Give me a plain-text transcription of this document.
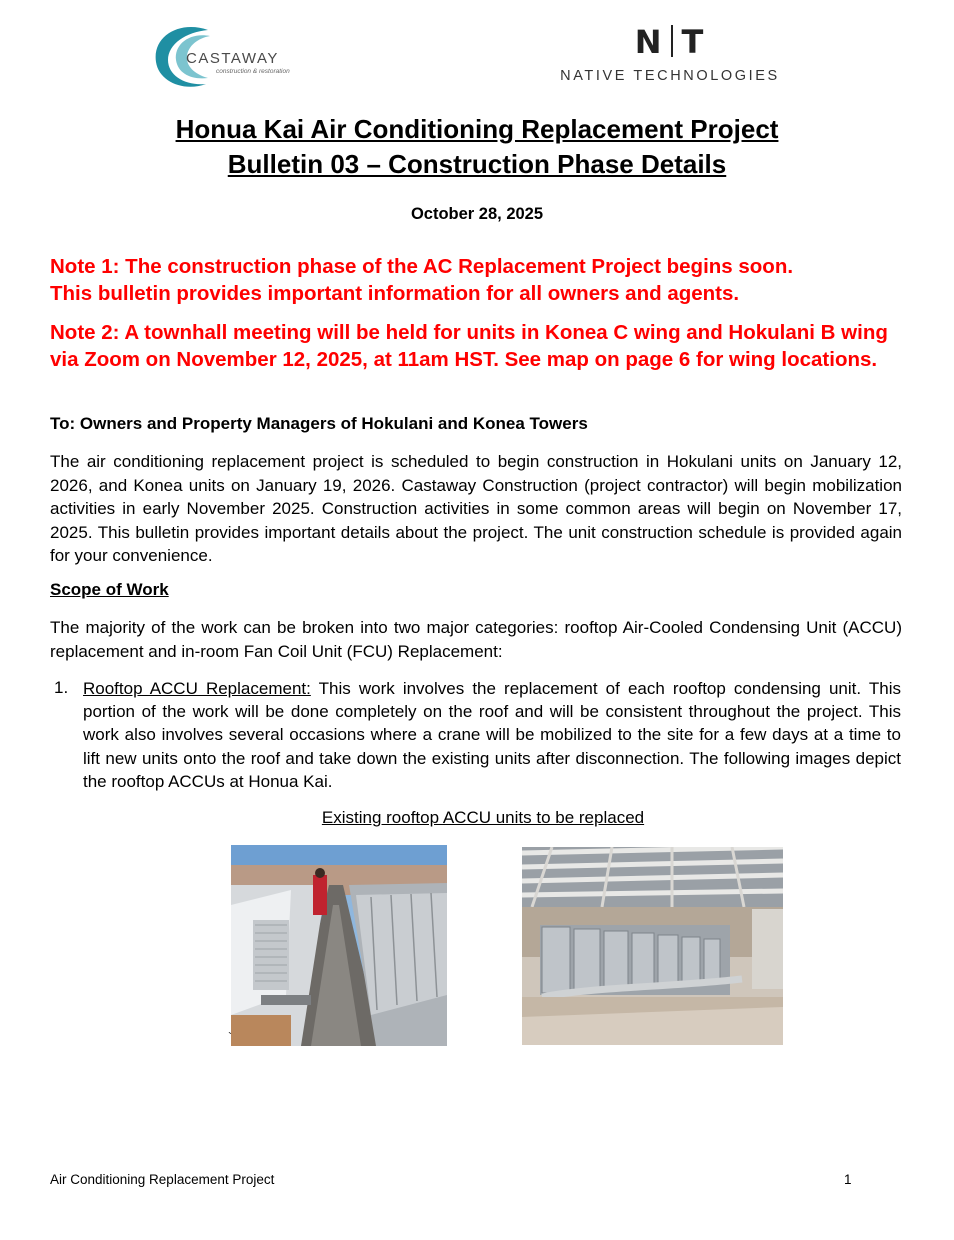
CASTAWAY
construction & restoration
N T
NATIVE TECHNOLOGIES
Honua Kai Air Conditioning Replacement Project
Bulletin 03 – Construction Phase Details
October 28, 2025
Note 1: The construction phase of the AC Replacement Project begins soon.
This bulletin provides important information for all owners and agents.
Note 2: A townhall meeting will be held for units in Konea C wing and Hokulani B wing via Zoom on November 12, 2025, at 11am HST. See map on page 6 for wing locations.
To: Owners and Property Managers of Hokulani and Konea Towers
The air conditioning replacement project is scheduled to begin construction in Hokulani units on January 12, 2026, and Konea units on January 19, 2026. Castaway Construction (project contractor) will begin mobilization activities in early November 2025. Construction activities in some common areas will begin on November 17, 2025. This bulletin provides important details about the project. The unit construction schedule is provided again for your convenience.
Scope of Work
The majority of the work can be broken into two major categories: rooftop Air-Cooled Condensing Unit (ACCU) replacement and in-room Fan Coil Unit (FCU) Replacement:
1. Rooftop ACCU Replacement: This work involves the replacement of each rooftop condensing unit. This portion of the work will be done completely on the roof and will be consistent throughout the project. This work also involves several occasions where a crane will be mobilized to the site for a few days at a time to lift new units onto the roof and take down the existing units after disconnection. The following images depict the rooftop ACCUs at Honua Kai.
Existing rooftop ACCU units to be replaced
`
Air Conditioning Replacement Project	1
